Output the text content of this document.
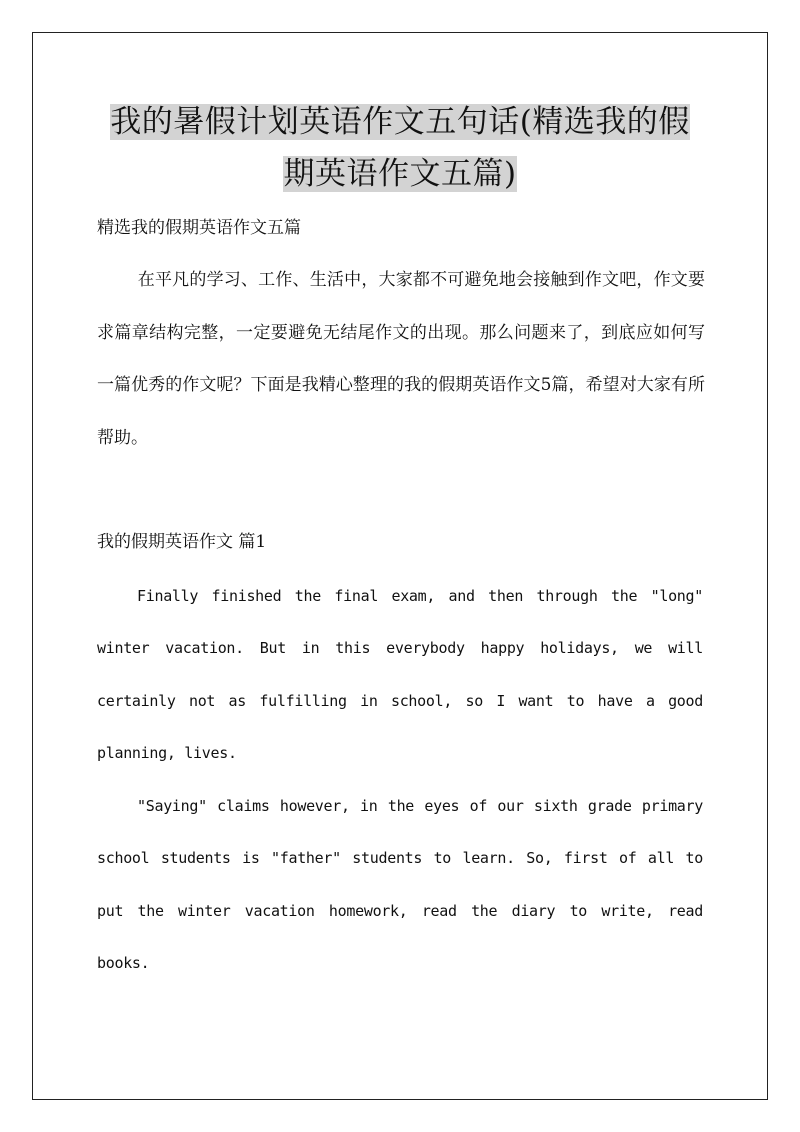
我的暑假计划英语作文五句话(精选我的假期英语作文五篇)

精选我的假期英语作文五篇

在平凡的学习、工作、生活中，大家都不可避免地会接触到作文吧，作文要求篇章结构完整，一定要避免无结尾作文的出现。那么问题来了，到底应如何写一篇优秀的作文呢？下面是我精心整理的我的假期英语作文5篇，希望对大家有所帮助。

我的假期英语作文 篇1

Finally finished the final exam, and then through the "long" winter vacation. But in this everybody happy holidays, we will certainly not as fulfilling in school, so I want to have a good planning, lives.

"Saying" claims however, in the eyes of our sixth grade primary school students is "father" students to learn. So, first of all to put the winter vacation homework, read the diary to write, read books.
